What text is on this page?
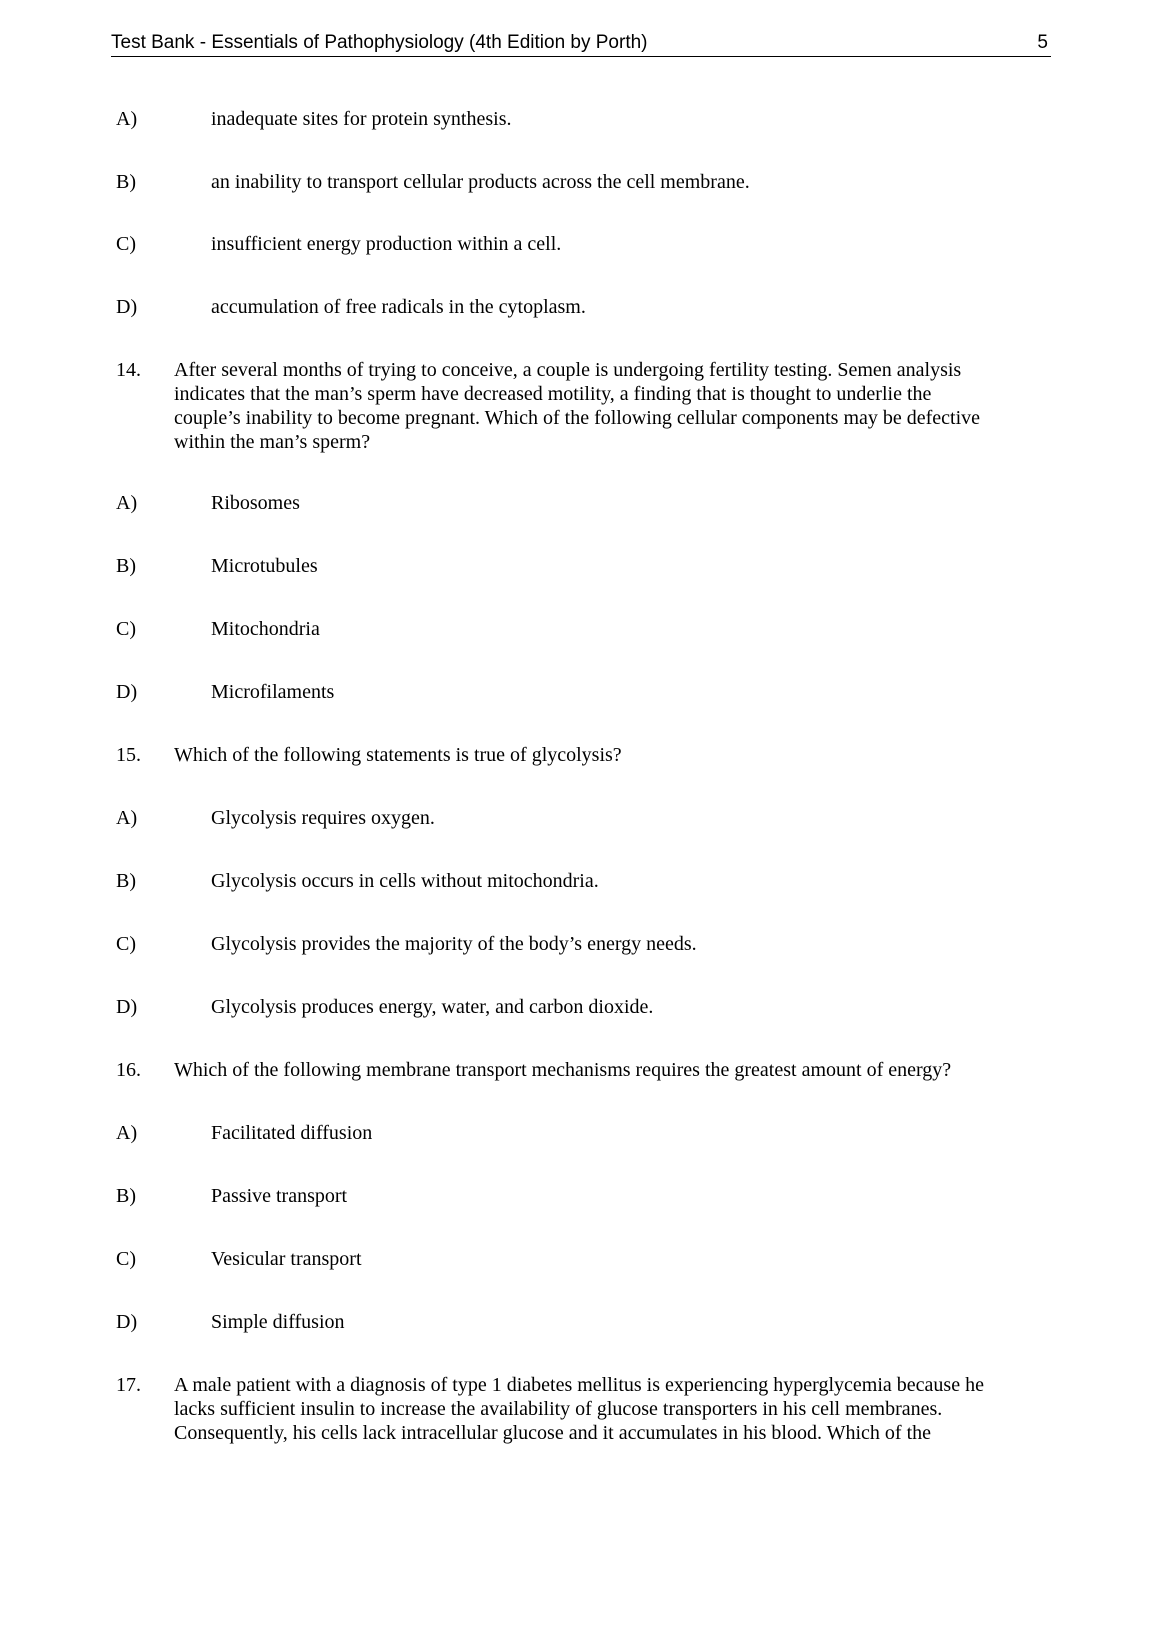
Test Bank - Essentials of Pathophysiology (4th Edition by Porth)	5
A)	inadequate sites for protein synthesis.
B)	an inability to transport cellular products across the cell membrane.
C)	insufficient energy production within a cell.
D)	accumulation of free radicals in the cytoplasm.
14. After several months of trying to conceive, a couple is undergoing fertility testing. Semen analysis
indicates that the man’s sperm have decreased motility, a finding that is thought to underlie the
couple’s inability to become pregnant. Which of the following cellular components may be defective
within the man’s sperm?
A)	Ribosomes
B)	Microtubules
C)	Mitochondria
D)	Microfilaments
15. Which of the following statements is true of glycolysis?
A)	Glycolysis requires oxygen.
B)	Glycolysis occurs in cells without mitochondria.
C)	Glycolysis provides the majority of the body’s energy needs.
D)	Glycolysis produces energy, water, and carbon dioxide.
16. Which of the following membrane transport mechanisms requires the greatest amount of energy?
A)	Facilitated diffusion
B)	Passive transport
C)	Vesicular transport
D)	Simple diffusion
17. A male patient with a diagnosis of type 1 diabetes mellitus is experiencing hyperglycemia because he
lacks sufficient insulin to increase the availability of glucose transporters in his cell membranes.
Consequently, his cells lack intracellular glucose and it accumulates in his blood. Which of the
